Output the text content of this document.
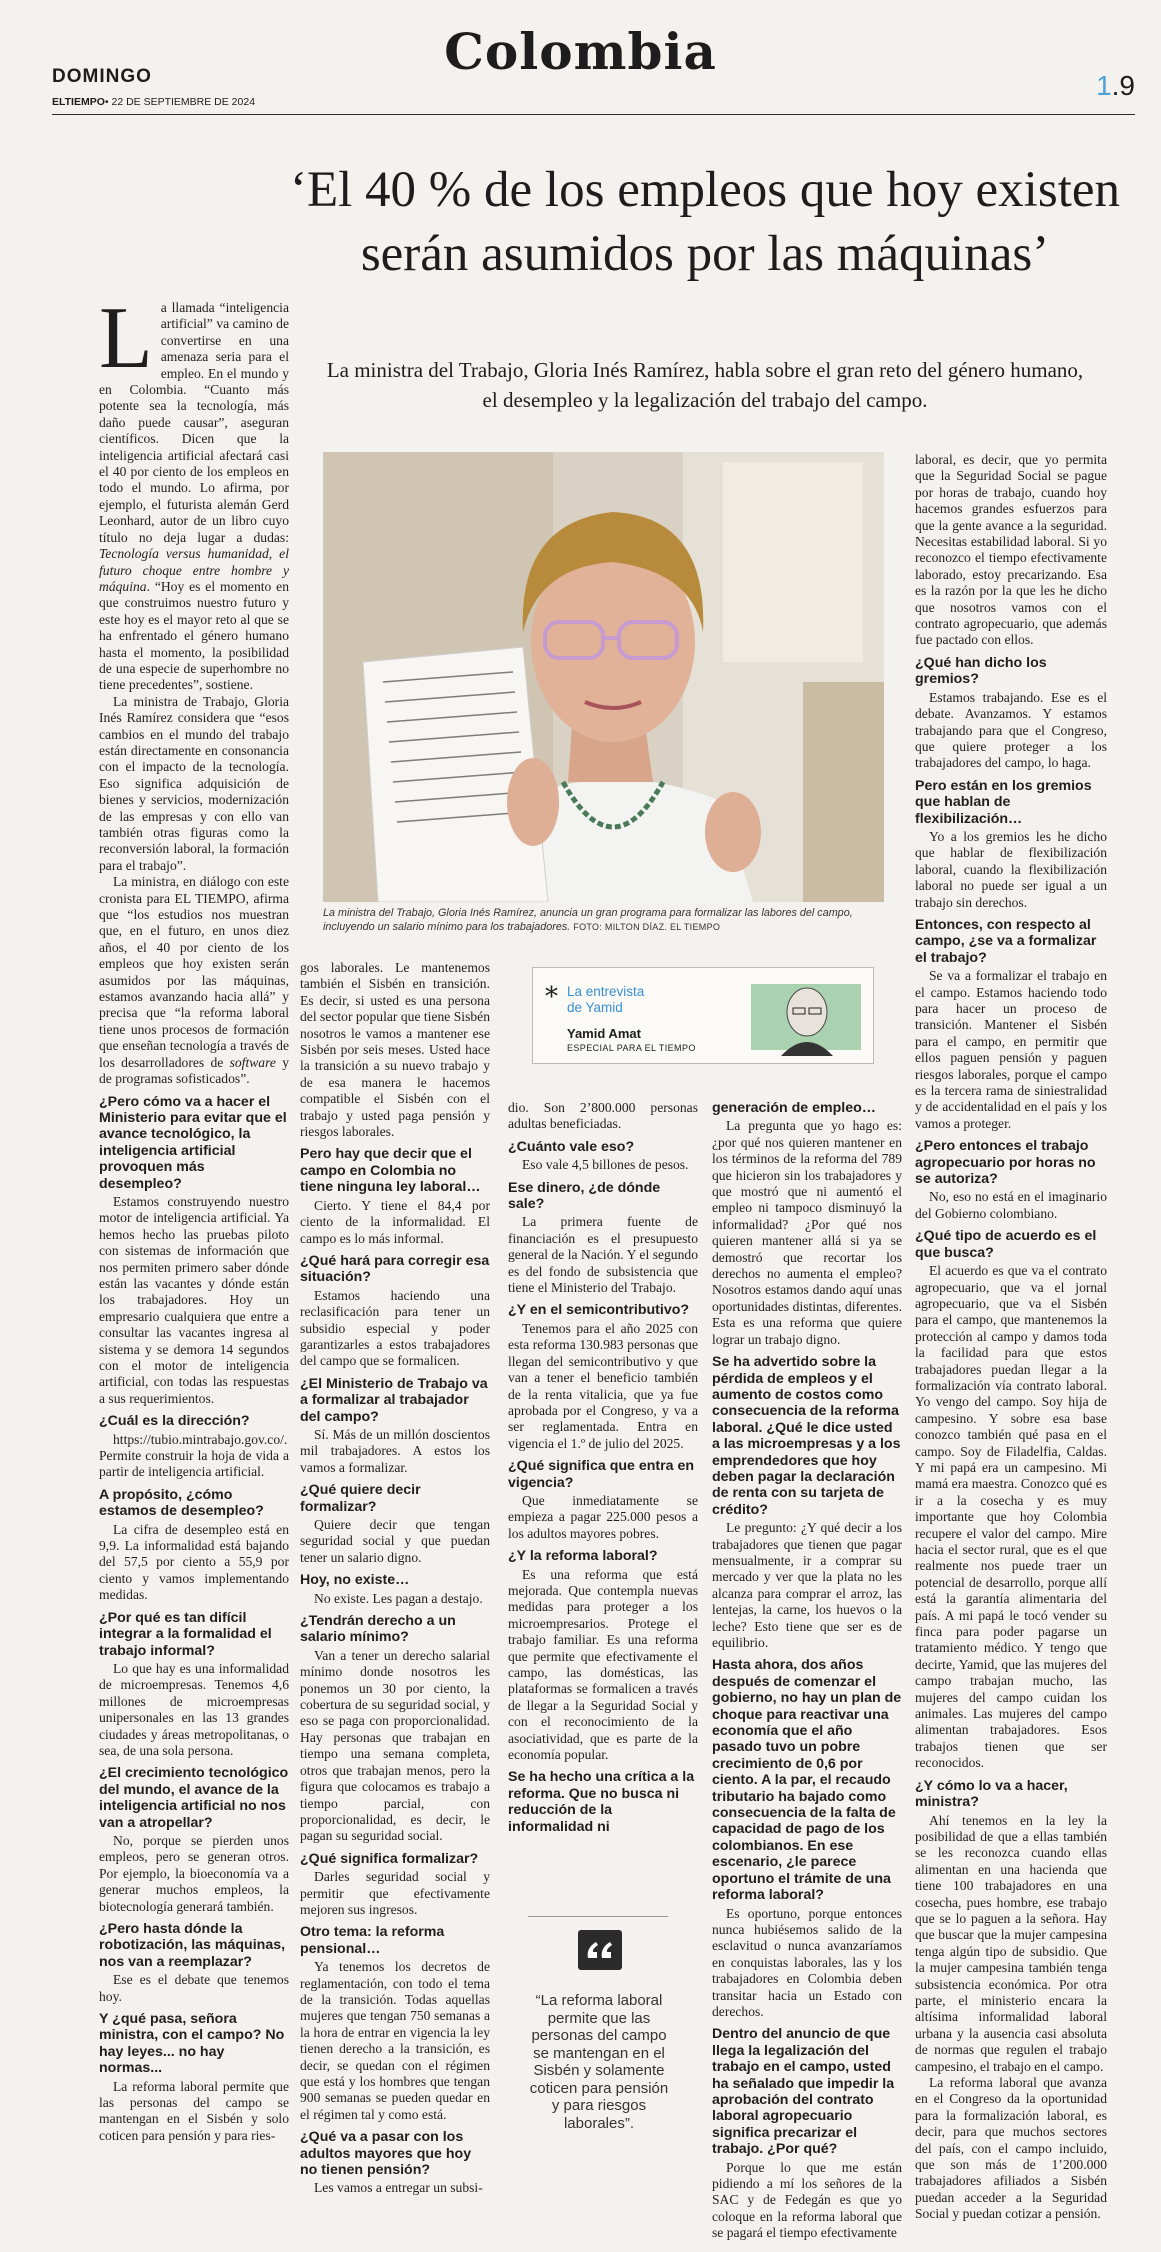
DOMINGO
ELTIEMPO• 22 DE SEPTIEMBRE DE 2024
Colombia
1.9
‘El 40 % de los empleos que hoy existen serán asumidos por las máquinas’
La ministra del Trabajo, Gloria Inés Ramírez, habla sobre el gran reto del género humano, el desempleo y la legalización del trabajo del campo.
La ministra del Trabajo, Gloria Inés Ramírez, anuncia un gran programa para formalizar las labores del campo, incluyendo un salario mínimo para los trabajadores. FOTO: MILTON DÍAZ. EL TIEMPO

La llamada “inteligencia artificial” va camino de convertirse en una amenaza seria para el empleo. En el mundo y en Colombia. “Cuanto más potente sea la tecnología, más daño puede causar”, aseguran científicos. Dicen que la inteligencia artificial afectará casi el 40 por ciento de los empleos en todo el mundo. Lo afirma, por ejemplo, el futurista alemán Gerd Leonhard, autor de un libro cuyo título no deja lugar a dudas: Tecnología versus humanidad, el futuro choque entre hombre y máquina. “Hoy es el momento en que construimos nuestro futuro y este hoy es el mayor reto al que se ha enfrentado el género humano hasta el momento, la posibilidad de una especie de superhombre no tiene precedentes”, sostiene.

La ministra de Trabajo, Gloria Inés Ramírez considera que “esos cambios en el mundo del trabajo están directamente en consonancia con el impacto de la tecnología. Eso significa adquisición de bienes y servicios, modernización de las empresas y con ello van también otras figuras como la reconversión laboral, la formación para el trabajo”.

La ministra, en diálogo con este cronista para EL TIEMPO, afirma que “los estudios nos muestran que, en el futuro, en unos diez años, el 40 por ciento de los empleos que hoy existen serán asumidos por las máquinas, estamos avanzando hacia allá” y precisa que “la reforma laboral tiene unos procesos de formación que enseñan tecnología a través de los desarrolladores de software y de programas sofisticados”.

¿Pero cómo va a hacer el Ministerio para evitar que el avance tecnológico, la inteligencia artificial provoquen más desempleo?

Estamos construyendo nuestro motor de inteligencia artificial. Ya hemos hecho las pruebas piloto con sistemas de información que nos permiten primero saber dónde están las vacantes y dónde están los trabajadores. Hoy un empresario cualquiera que entre a consultar las vacantes ingresa al sistema y se demora 14 segundos con el motor de inteligencia artificial, con todas las respuestas a sus requerimientos.

¿Cuál es la dirección?

https://tubio.mintrabajo.gov.co/. Permite construir la hoja de vida a partir de inteligencia artificial.

A propósito, ¿cómo estamos de desempleo?

La cifra de desempleo está en 9,9. La informalidad está bajando del 57,5 por ciento a 55,9 por ciento y vamos implementando medidas.

¿Por qué es tan difícil integrar a la formalidad el trabajo informal?

Lo que hay es una informalidad de microempresas. Tenemos 4,6 millones de microempresas unipersonales en las 13 grandes ciudades y áreas metropolitanas, o sea, de una sola persona.

¿El crecimiento tecnológico del mundo, el avance de la inteligencia artificial no nos van a atropellar?

No, porque se pierden unos empleos, pero se generan otros. Por ejemplo, la bioeconomía va a generar muchos empleos, la biotecnología generará también.

¿Pero hasta dónde la robotización, las máquinas, nos van a reemplazar?

Ese es el debate que tenemos hoy.

Y ¿qué pasa, señora ministra, con el campo? No hay leyes... no hay normas...

La reforma laboral permite que las personas del campo se mantengan en el Sisbén y solo coticen para pensión y para ries-

gos laborales. Le mantenemos también el Sisbén en transición. Es decir, si usted es una persona del sector popular que tiene Sisbén nosotros le vamos a mantener ese Sisbén por seis meses. Usted hace la transición a su nuevo trabajo y de esa manera le hacemos compatible el Sisbén con el trabajo y usted paga pensión y riesgos laborales.

Pero hay que decir que el campo en Colombia no tiene ninguna ley laboral…

Cierto. Y tiene el 84,4 por ciento de la informalidad. El campo es lo más informal.

¿Qué hará para corregir esa situación?

Estamos haciendo una reclasificación para tener un subsidio especial y poder garantizarles a estos trabajadores del campo que se formalicen.

¿El Ministerio de Trabajo va a formalizar al trabajador del campo?

Sí. Más de un millón doscientos mil trabajadores. A estos los vamos a formalizar.

¿Qué quiere decir formalizar?

Quiere decir que tengan seguridad social y que puedan tener un salario digno.

Hoy, no existe…

No existe. Les pagan a destajo.

¿Tendrán derecho a un salario mínimo?

Van a tener un derecho salarial mínimo donde nosotros les ponemos un 30 por ciento, la cobertura de su seguridad social, y eso se paga con proporcionalidad. Hay personas que trabajan en tiempo una semana completa, otros que trabajan menos, pero la figura que colocamos es trabajo a tiempo parcial, con proporcionalidad, es decir, le pagan su seguridad social.

¿Qué significa formalizar?

Darles seguridad social y permitir que efectivamente mejoren sus ingresos.

Otro tema: la reforma pensional…

Ya tenemos los decretos de reglamentación, con todo el tema de la transición. Todas aquellas mujeres que tengan 750 semanas a la hora de entrar en vigencia la ley tienen derecho a la transición, es decir, se quedan con el régimen que está y los hombres que tengan 900 semanas se pueden quedar en el régimen tal y como está.

¿Qué va a pasar con los adultos mayores que hoy no tienen pensión?

Les vamos a entregar un subsi-

* La entrevista
de Yamid
Yamid Amat
ESPECIAL PARA EL TIEMPO

dio. Son 2’800.000 personas adultas beneficiadas.

¿Cuánto vale eso?

Eso vale 4,5 billones de pesos.

Ese dinero, ¿de dónde sale?

La primera fuente de financiación es el presupuesto general de la Nación. Y el segundo es del fondo de subsistencia que tiene el Ministerio del Trabajo.

¿Y en el semicontributivo?

Tenemos para el año 2025 con esta reforma 130.983 personas que llegan del semicontributivo y que van a tener el beneficio también de la renta vitalicia, que ya fue aprobada por el Congreso, y va a ser reglamentada. Entra en vigencia el 1.º de julio del 2025.

¿Qué significa que entra en vigencia?

Que inmediatamente se empieza a pagar 225.000 pesos a los adultos mayores pobres.

¿Y la reforma laboral?

Es una reforma que está mejorada. Que contempla nuevas medidas para proteger a los microempresarios. Protege el trabajo familiar. Es una reforma que permite que efectivamente el campo, las domésticas, las plataformas se formalicen a través de llegar a la Seguridad Social y con el reconocimiento de la asociatividad, que es parte de la economía popular.

Se ha hecho una crítica a la reforma. Que no busca ni reducción de la informalidad ni
“La reforma laboral permite que las personas del campo se mantengan en el Sisbén y solamente coticen para pensión y para riesgos laborales”.
generación de empleo…

La pregunta que yo hago es: ¿por qué nos quieren mantener en los términos de la reforma del 789 que hicieron sin los trabajadores y que mostró que ni aumentó el empleo ni tampoco disminuyó la informalidad? ¿Por qué nos quieren mantener allá si ya se demostró que recortar los derechos no aumenta el empleo? Nosotros estamos dando aquí unas oportunidades distintas, diferentes. Esta es una reforma que quiere lograr un trabajo digno.

Se ha advertido sobre la pérdida de empleos y el aumento de costos como consecuencia de la reforma laboral. ¿Qué le dice usted a las microempresas y a los emprendedores que hoy deben pagar la declaración de renta con su tarjeta de crédito?

Le pregunto: ¿Y qué decir a los trabajadores que tienen que pagar mensualmente, ir a comprar su mercado y ver que la plata no les alcanza para comprar el arroz, las lentejas, la carne, los huevos o la leche? Esto tiene que ser es de equilibrio.

Hasta ahora, dos años después de comenzar el gobierno, no hay un plan de choque para reactivar una economía que el año pasado tuvo un pobre crecimiento de 0,6 por ciento. A la par, el recaudo tributario ha bajado como consecuencia de la falta de capacidad de pago de los colombianos. En ese escenario, ¿le parece oportuno el trámite de una reforma laboral?

Es oportuno, porque entonces nunca hubiésemos salido de la esclavitud o nunca avanzaríamos en conquistas laborales, las y los trabajadores en Colombia deben transitar hacia un Estado con derechos.

Dentro del anuncio de que llega la legalización del trabajo en el campo, usted ha señalado que impedir la aprobación del contrato laboral agropecuario significa precarizar el trabajo. ¿Por qué?

Porque lo que me están pidiendo a mí los señores de la SAC y de Fedegán es que yo coloque en la reforma laboral que se pagará el tiempo efectivamente

laboral, es decir, que yo permita que la Seguridad Social se pague por horas de trabajo, cuando hoy hacemos grandes esfuerzos para que la gente avance a la seguridad. Necesitas estabilidad laboral. Si yo reconozco el tiempo efectivamente laborado, estoy precarizando. Esa es la razón por la que les he dicho que nosotros vamos con el contrato agropecuario, que además fue pactado con ellos.

¿Qué han dicho los gremios?

Estamos trabajando. Ese es el debate. Avanzamos. Y estamos trabajando para que el Congreso, que quiere proteger a los trabajadores del campo, lo haga.

Pero están en los gremios que hablan de flexibilización…

Yo a los gremios les he dicho que hablar de flexibilización laboral, cuando la flexibilización laboral no puede ser igual a un trabajo sin derechos.

Entonces, con respecto al campo, ¿se va a formalizar el trabajo?

Se va a formalizar el trabajo en el campo. Estamos haciendo todo para hacer un proceso de transición. Mantener el Sisbén para el campo, en permitir que ellos paguen pensión y paguen riesgos laborales, porque el campo es la tercera rama de siniestralidad y de accidentalidad en el país y los vamos a proteger.

¿Pero entonces el trabajo agropecuario por horas no se autoriza?

No, eso no está en el imaginario del Gobierno colombiano.

¿Qué tipo de acuerdo es el que busca?

El acuerdo es que va el contrato agropecuario, que va el jornal agropecuario, que va el Sisbén para el campo, que mantenemos la protección al campo y damos toda la facilidad para que estos trabajadores puedan llegar a la formalización vía contrato laboral. Yo vengo del campo. Soy hija de campesino. Y sobre esa base conozco también qué pasa en el campo. Soy de Filadelfia, Caldas. Y mi papá era un campesino. Mi mamá era maestra. Conozco qué es ir a la cosecha y es muy importante que hoy Colombia recupere el valor del campo. Mire hacia el sector rural, que es el que realmente nos puede traer un potencial de desarrollo, porque allí está la garantía alimentaria del país. A mi papá le tocó vender su finca para poder pagarse un tratamiento médico. Y tengo que decirte, Yamid, que las mujeres del campo trabajan mucho, las mujeres del campo cuidan los animales. Las mujeres del campo alimentan trabajadores. Esos trabajos tienen que ser reconocidos.

¿Y cómo lo va a hacer, ministra?

Ahí tenemos en la ley la posibilidad de que a ellas también se les reconozca cuando ellas alimentan en una hacienda que tiene 100 trabajadores en una cosecha, pues hombre, ese trabajo que se lo paguen a la señora. Hay que buscar que la mujer campesina tenga algún tipo de subsidio. Que la mujer campesina también tenga subsistencia económica. Por otra parte, el ministerio encara la altísima informalidad laboral urbana y la ausencia casi absoluta de normas que regulen el trabajo campesino, el trabajo en el campo.

La reforma laboral que avanza en el Congreso da la oportunidad para la formalización laboral, es decir, para que muchos sectores del país, con el campo incluido, que son más de 1’200.000 trabajadores afiliados a Sisbén puedan acceder a la Seguridad Social y puedan cotizar a pensión.
